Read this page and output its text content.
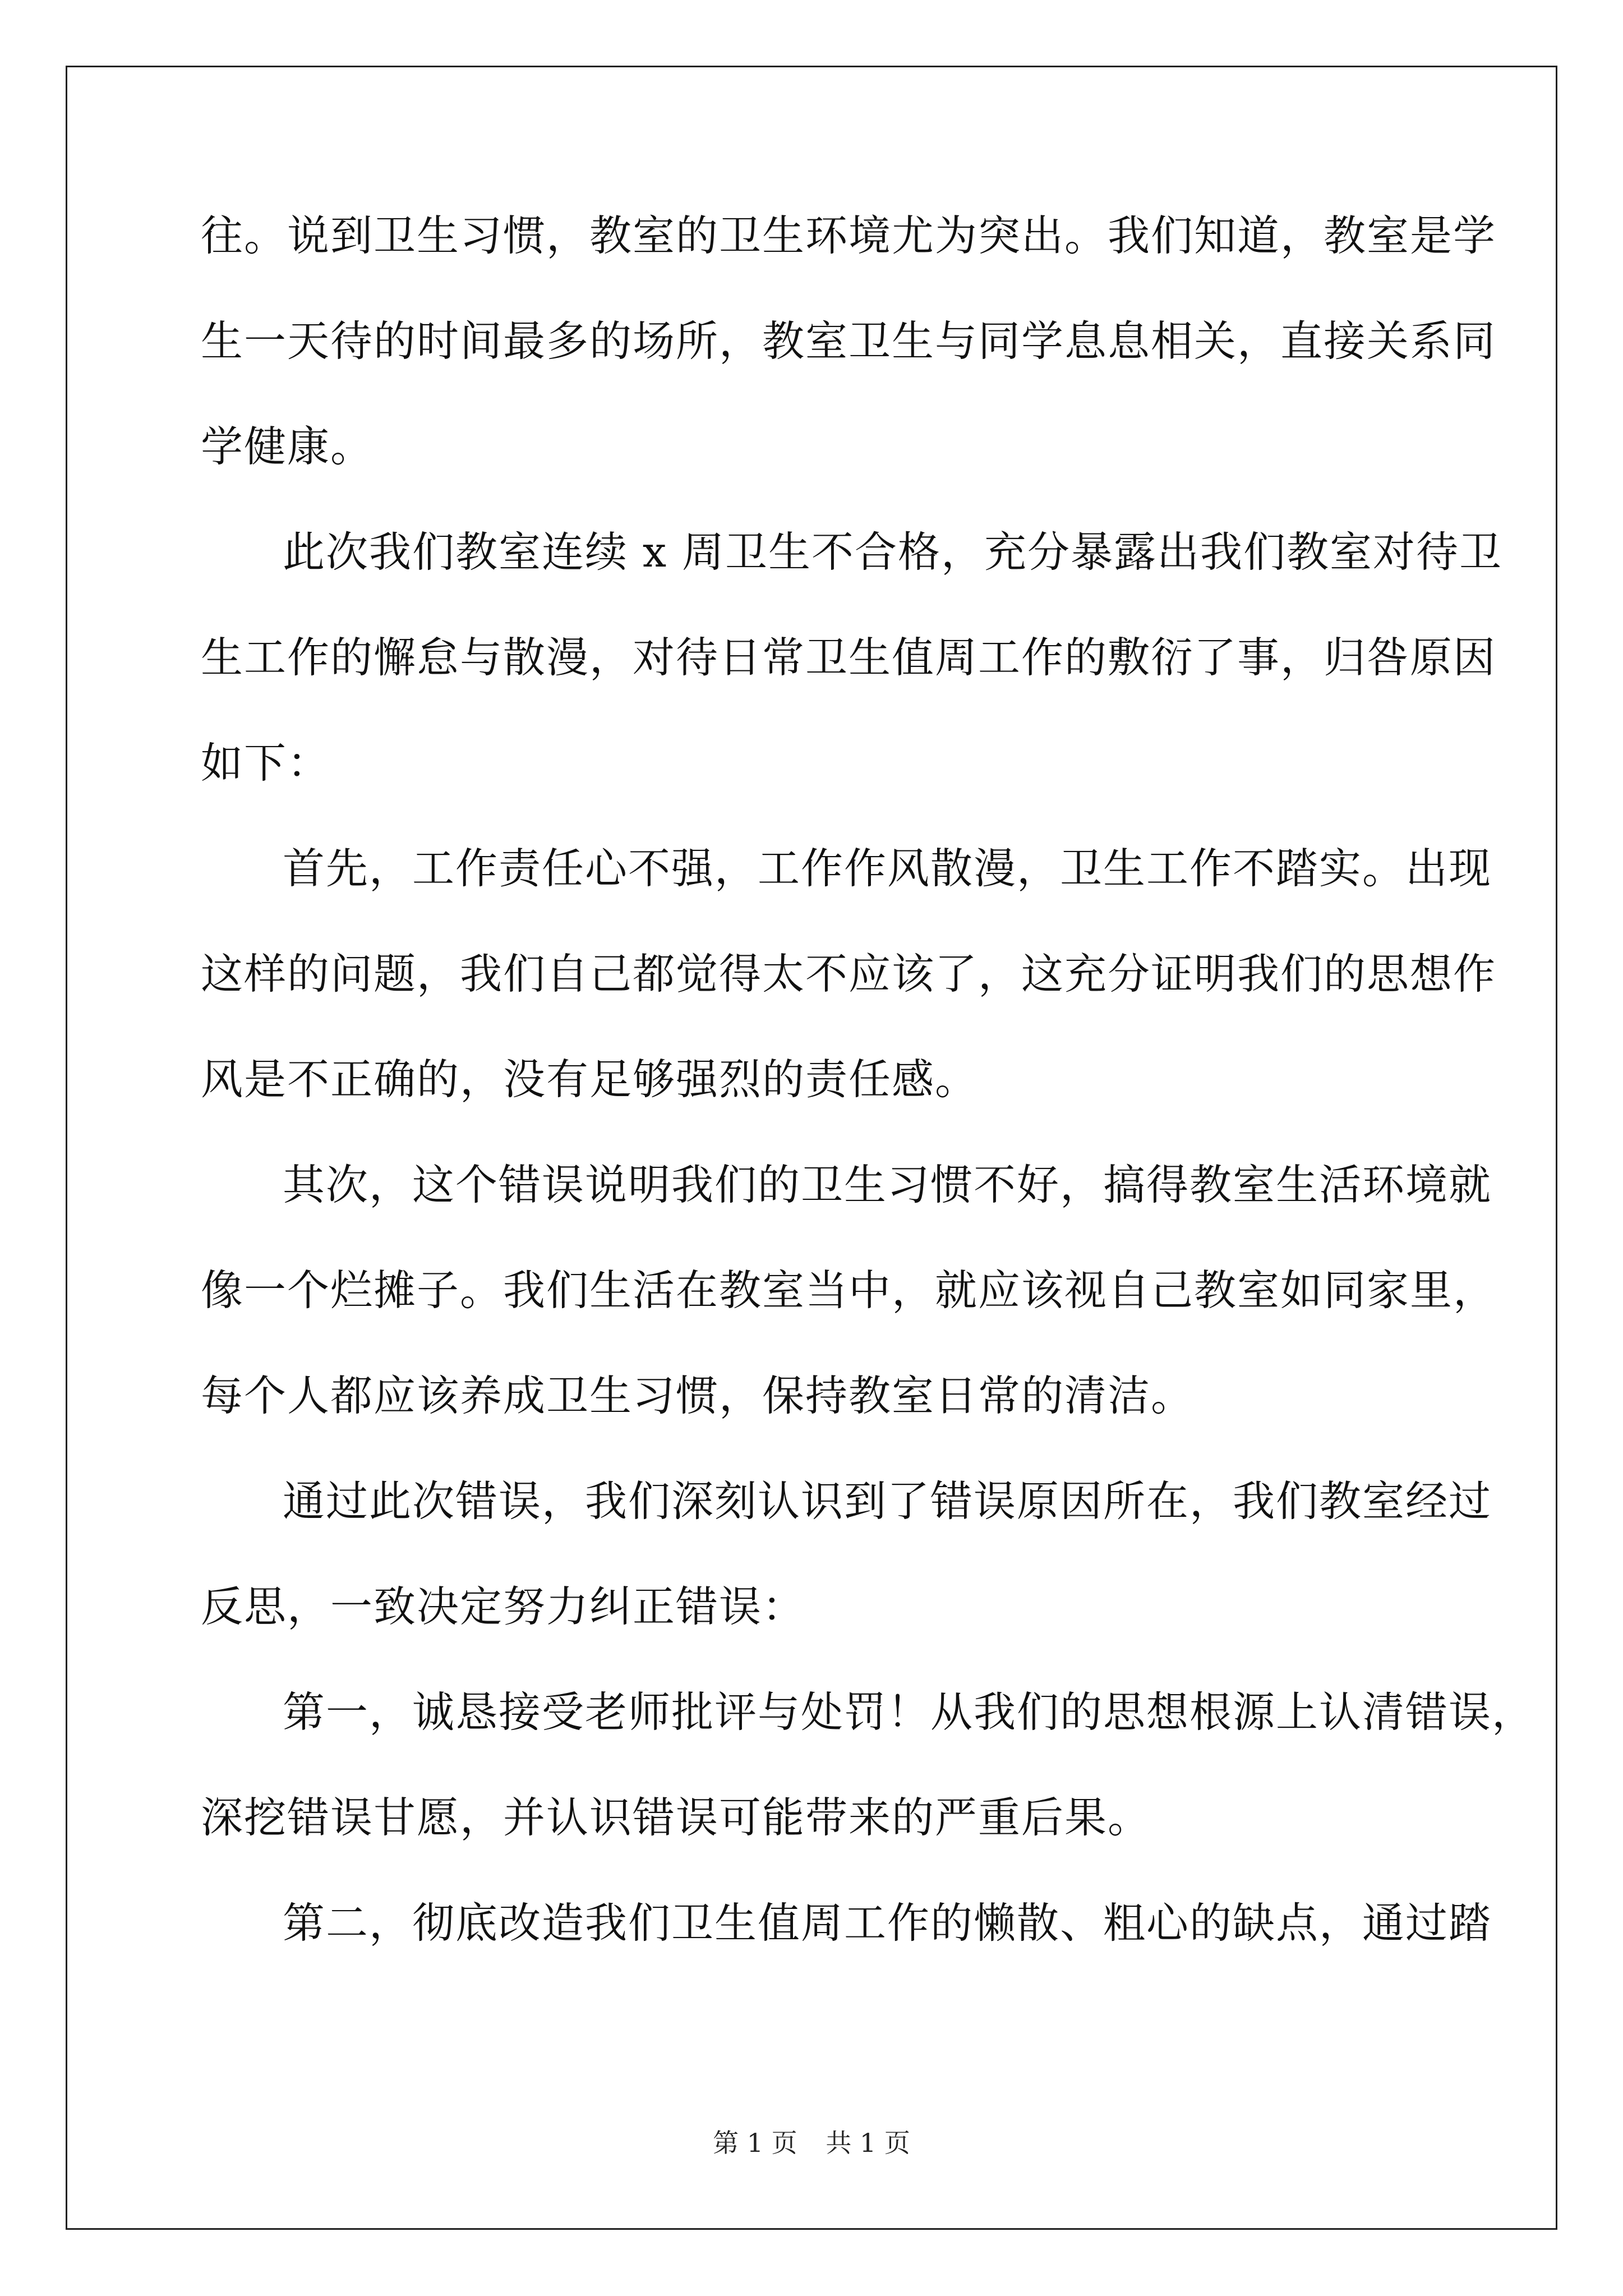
往。说到卫生习惯，教室的卫生环境尤为突出。我们知道，教室是学
生一天待的时间最多的场所，教室卫生与同学息息相关，直接关系同
学健康。
此次我们教室连续 x 周卫生不合格，充分暴露出我们教室对待卫
生工作的懈怠与散漫，对待日常卫生值周工作的敷衍了事，归咎原因
如下：
首先，工作责任心不强，工作作风散漫，卫生工作不踏实。出现
这样的问题，我们自己都觉得太不应该了，这充分证明我们的思想作
风是不正确的，没有足够强烈的责任感。
其次，这个错误说明我们的卫生习惯不好，搞得教室生活环境就
像一个烂摊子。我们生活在教室当中，就应该视自己教室如同家里，
每个人都应该养成卫生习惯，保持教室日常的清洁。
通过此次错误，我们深刻认识到了错误原因所在，我们教室经过
反思，一致决定努力纠正错误：
第一，诚恳接受老师批评与处罚！从我们的思想根源上认清错误，
深挖错误甘愿，并认识错误可能带来的严重后果。
第二，彻底改造我们卫生值周工作的懒散、粗心的缺点，通过踏
第 1 页 共 1 页
